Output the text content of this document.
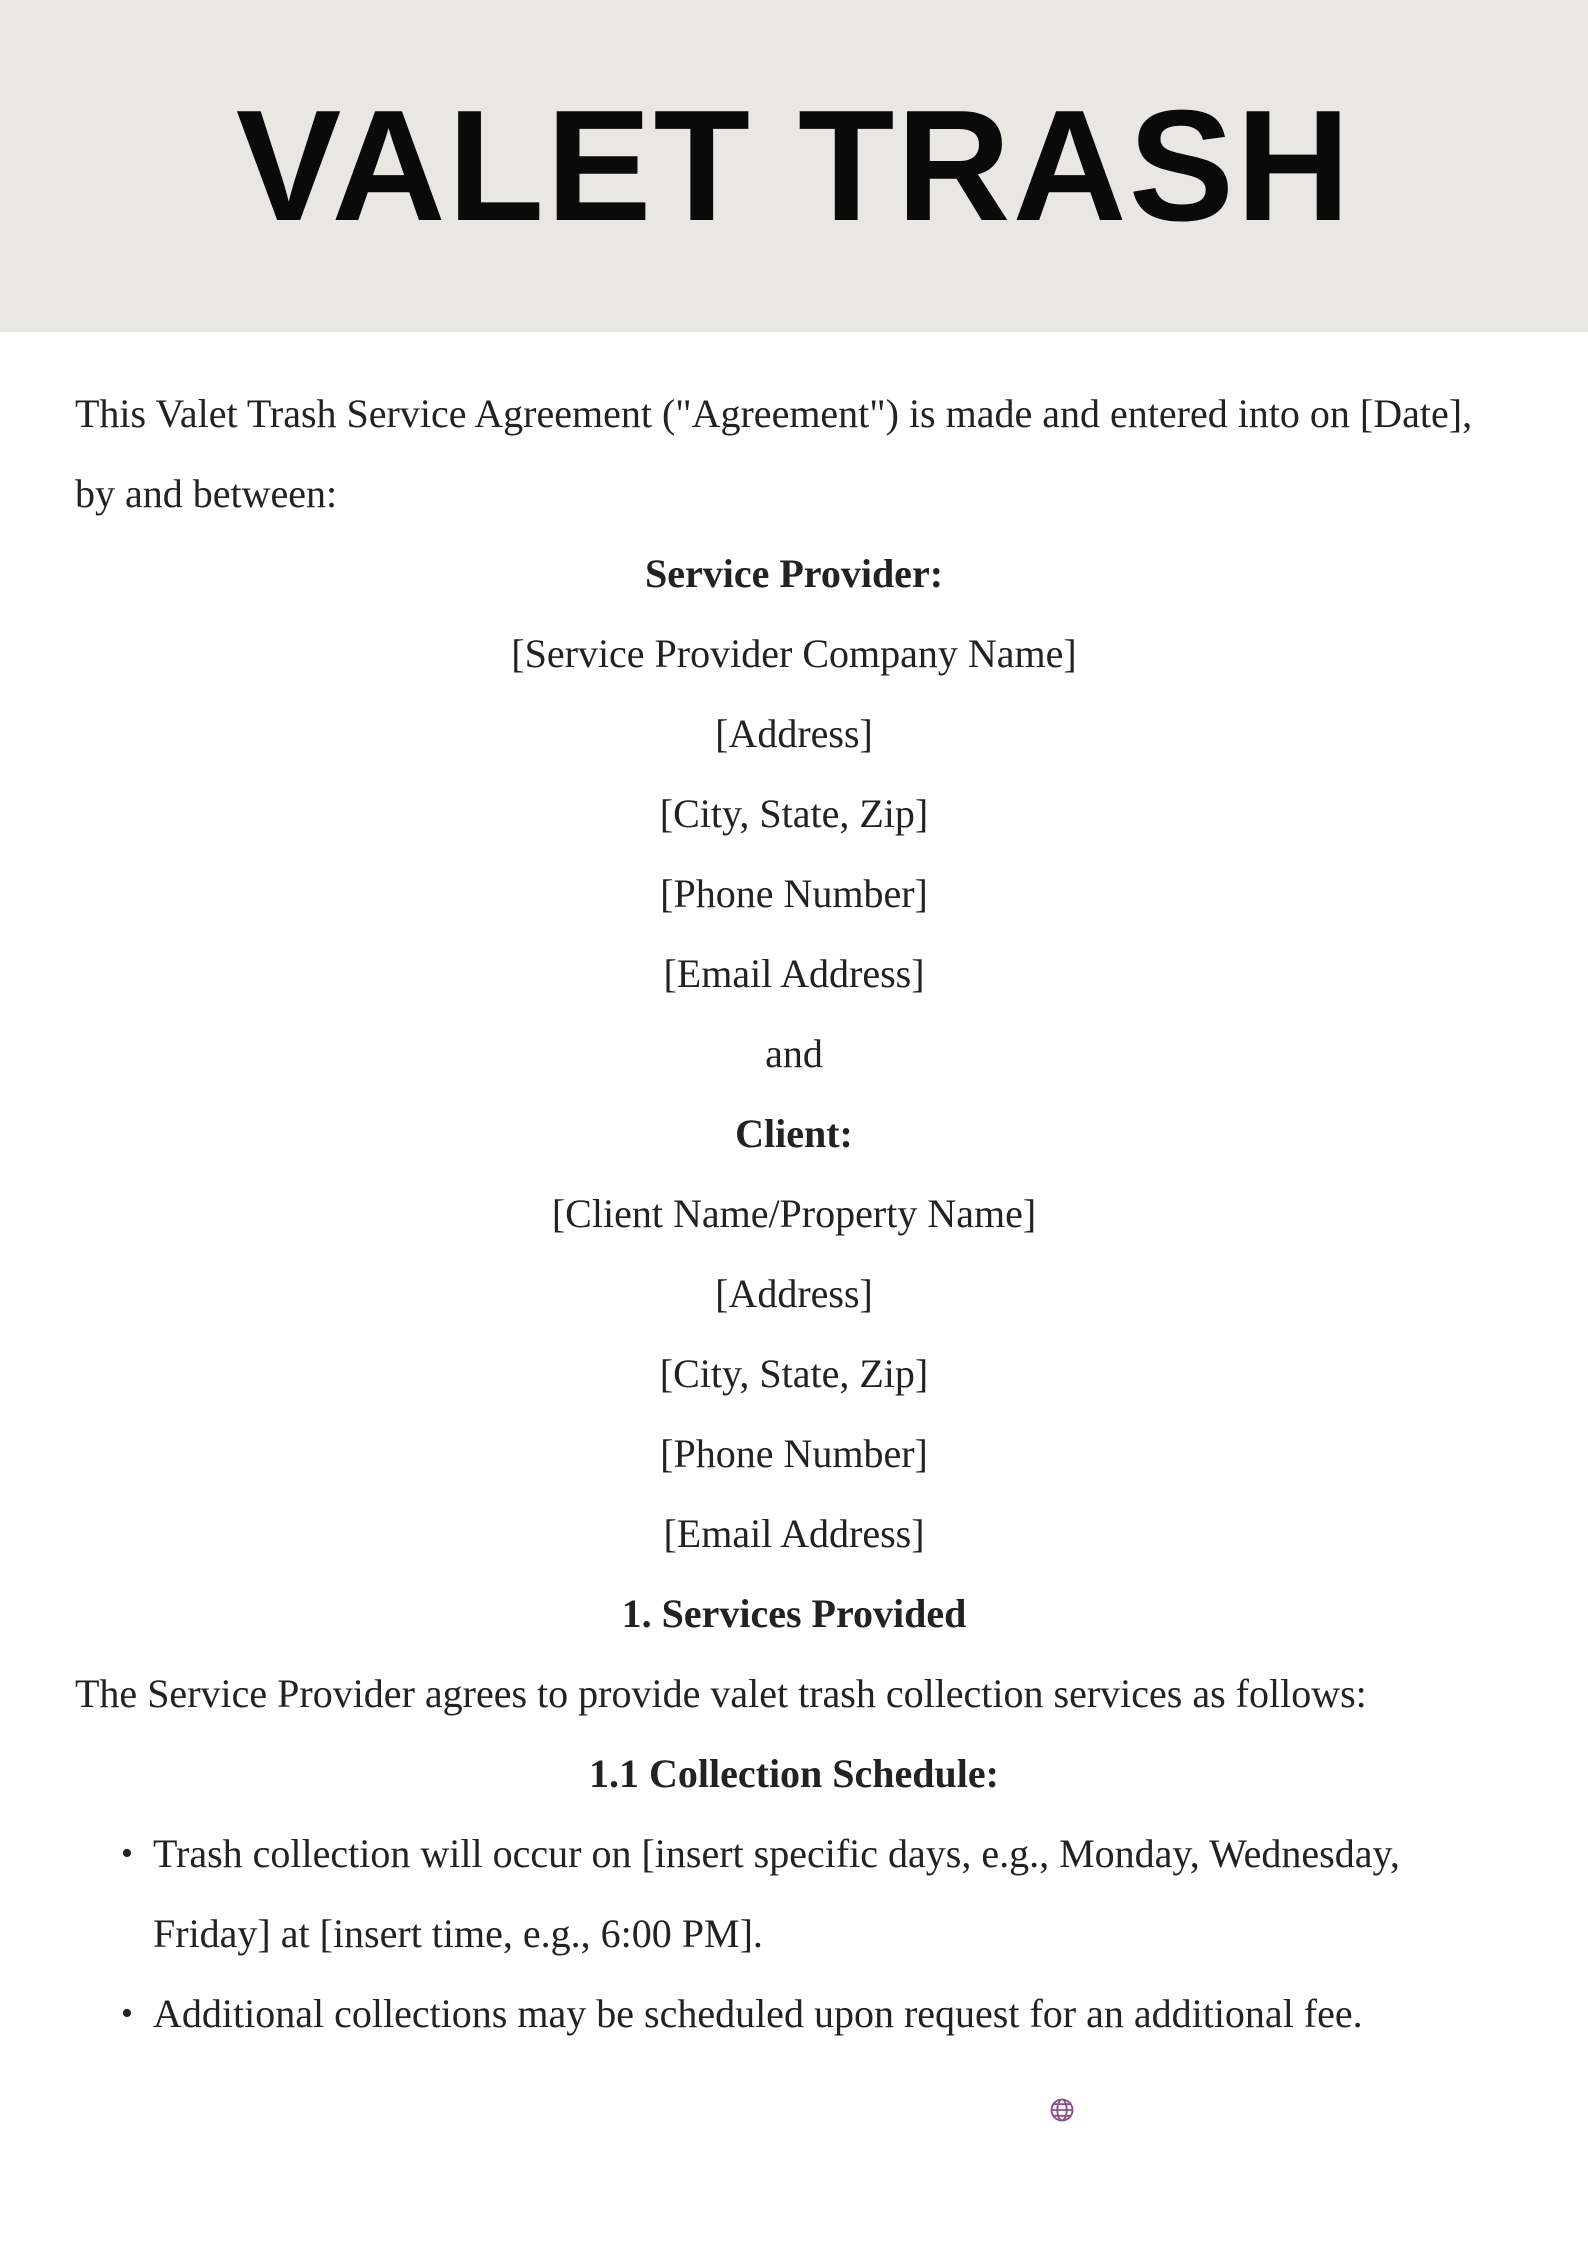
VALET TRASH

This Valet Trash Service Agreement ("Agreement") is made and entered into on [Date], by and between:

Service Provider:
[Service Provider Company Name]
[Address]
[City, State, Zip]
[Phone Number]
[Email Address]
and
Client:
[Client Name/Property Name]
[Address]
[City, State, Zip]
[Phone Number]
[Email Address]
1. Services Provided

The Service Provider agrees to provide valet trash collection services as follows:

1.1 Collection Schedule:
• Trash collection will occur on [insert specific days, e.g., Monday, Wednesday, Friday] at [insert time, e.g., 6:00 PM].
• Additional collections may be scheduled upon request for an additional fee.
